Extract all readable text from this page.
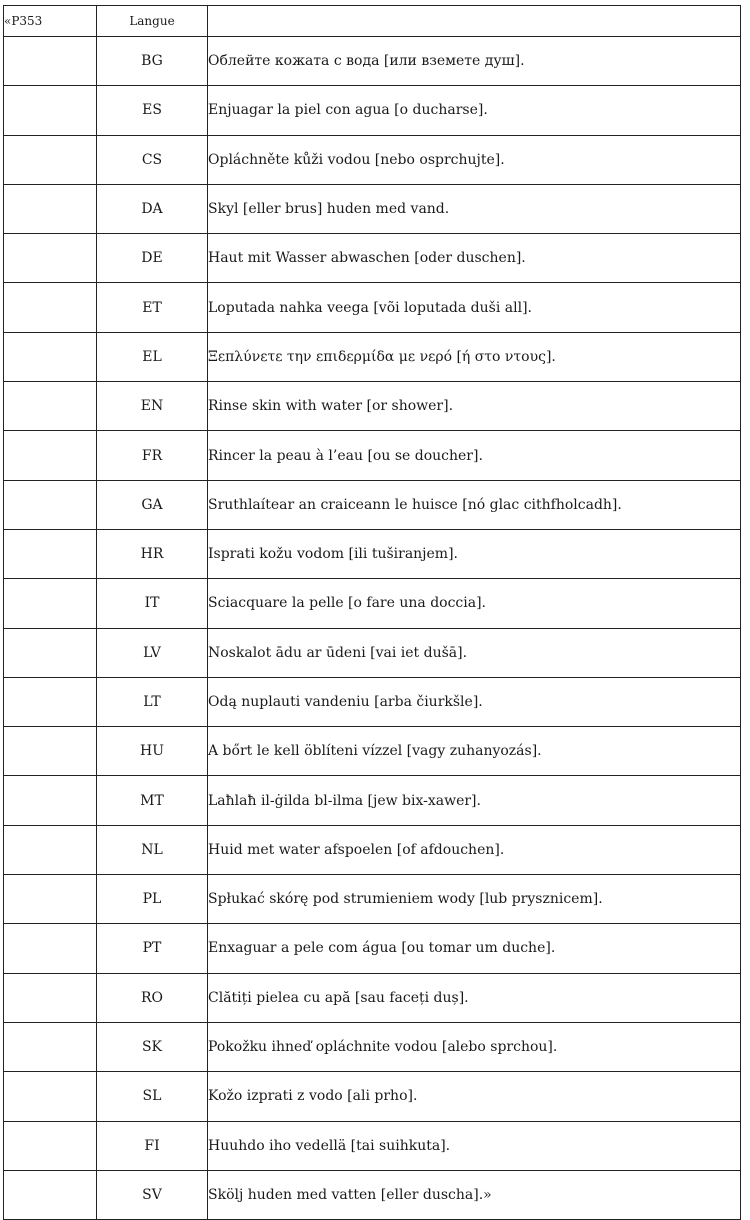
«P353	Langue	
	BG	Облейте кожата с вода [или вземете душ].
	ES	Enjuagar la piel con agua [o ducharse].
	CS	Opláchněte kůži vodou [nebo osprchujte].
	DA	Skyl [eller brus] huden med vand.
	DE	Haut mit Wasser abwaschen [oder duschen].
	ET	Loputada nahka veega [või loputada duši all].
	EL	Ξεπλύνετε την επιδερμίδα με νερό [ή στο ντους].
	EN	Rinse skin with water [or shower].
	FR	Rincer la peau à l’eau [ou se doucher].
	GA	Sruthlaítear an craiceann le huisce [nó glac cithfholcadh].
	HR	Isprati kožu vodom [ili tuširanjem].
	IT	Sciacquare la pelle [o fare una doccia].
	LV	Noskalot ādu ar ūdeni [vai iet dušā].
	LT	Odą nuplauti vandeniu [arba čiurkšle].
	HU	A bőrt le kell öblíteni vízzel [vagy zuhanyozás].
	MT	Laħlaħ il-ġilda bl-ilma [jew bix-xawer].
	NL	Huid met water afspoelen [of afdouchen].
	PL	Spłukać skórę pod strumieniem wody [lub prysznicem].
	PT	Enxaguar a pele com água [ou tomar um duche].
	RO	Clătiți pielea cu apă [sau faceți duș].
	SK	Pokožku ihneď opláchnite vodou [alebo sprchou].
	SL	Kožo izprati z vodo [ali prho].
	FI	Huuhdo iho vedellä [tai suihkuta].
	SV	Skölj huden med vatten [eller duscha].»
